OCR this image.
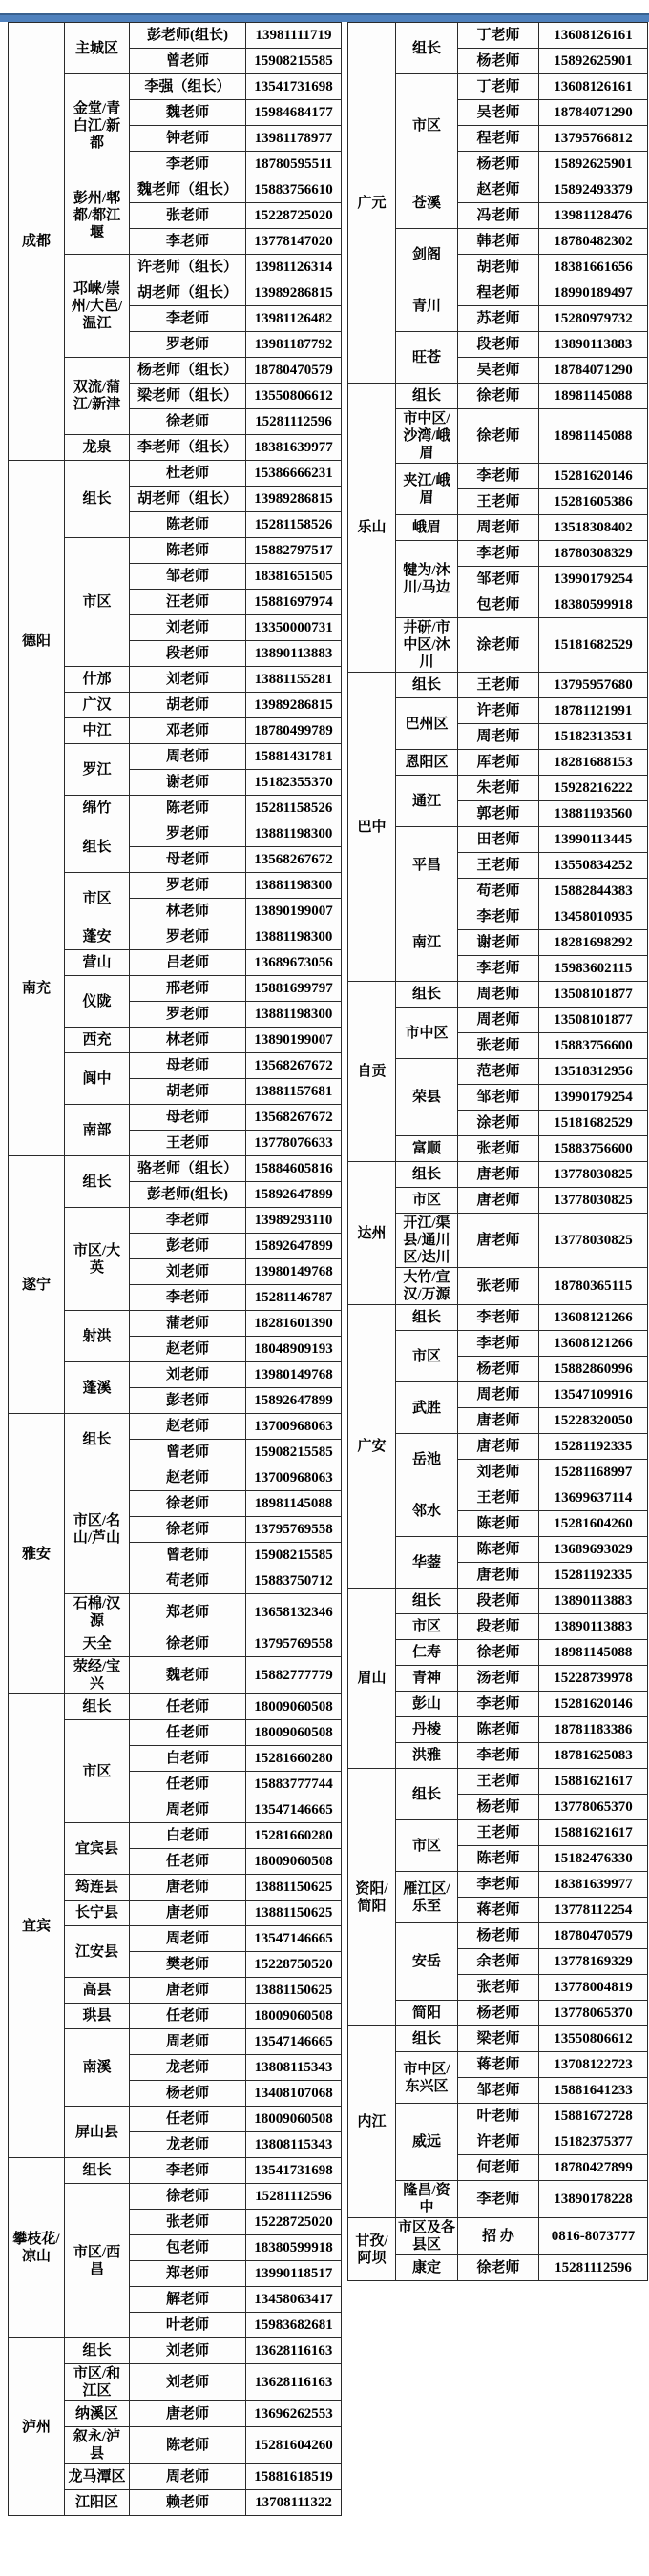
成都	主城区	彭老师(组长)	13981111719
		曾老师	15908215585
	金堂/青白江/新都	李强（组长）	13541731698
		魏老师	15984684177
		钟老师	13981178977
		李老师	18780595511
	彭州/郫都/都江堰	魏老师（组长）	15883756610
		张老师	15228725020
		李老师	13778147020
	邛崃/崇州/大邑/温江	许老师（组长）	13981126314
		胡老师（组长）	13989286815
		李老师	13981126482
		罗老师	13981187792
	双流/蒲江/新津	杨老师（组长）	18780470579
		梁老师（组长）	13550806612
		徐老师	15281112596
	龙泉	李老师（组长）	18381639977
德阳	组长	杜老师	15386666231
		胡老师（组长）	13989286815
		陈老师	15281158526
	市区	陈老师	15882797517
		邹老师	18381651505
		汪老师	15881697974
		刘老师	13350000731
		段老师	13890113883
	什邡	刘老师	13881155281
	广汉	胡老师	13989286815
	中江	邓老师	18780499789
	罗江	周老师	15881431781
		谢老师	15182355370
	绵竹	陈老师	15281158526
南充	组长	罗老师	13881198300
		母老师	13568267672
	市区	罗老师	13881198300
		林老师	13890199007
	蓬安	罗老师	13881198300
	营山	吕老师	13689673056
	仪陇	邢老师	15881699797
		罗老师	13881198300
	西充	林老师	13890199007
	阆中	母老师	13568267672
		胡老师	13881157681
	南部	母老师	13568267672
		王老师	13778076633
遂宁	组长	骆老师（组长）	15884605816
		彭老师(组长)	15892647899
	市区/大英	李老师	13989293110
		彭老师	15892647899
		刘老师	13980149768
		李老师	15281146787
	射洪	蒲老师	18281601390
		赵老师	18048909193
	蓬溪	刘老师	13980149768
		彭老师	15892647899
雅安	组长	赵老师	13700968063
		曾老师	15908215585
	市区/名山/芦山	赵老师	13700968063
		徐老师	18981145088
		徐老师	13795769558
		曾老师	15908215585
		苟老师	15883750712
	石棉/汉源	郑老师	13658132346
	天全	徐老师	13795769558
	荥经/宝兴	魏老师	15882777779
宜宾	组长	任老师	18009060508
	市区	任老师	18009060508
		白老师	15281660280
		任老师	15883777744
		周老师	13547146665
	宜宾县	白老师	15281660280
		任老师	18009060508
	筠连县	唐老师	13881150625
	长宁县	唐老师	13881150625
	江安县	周老师	13547146665
		樊老师	15228750520
	高县	唐老师	13881150625
	珙县	任老师	18009060508
	南溪	周老师	13547146665
		龙老师	13808115343
		杨老师	13408107068
	屏山县	任老师	18009060508
		龙老师	13808115343
攀枝花/凉山	组长	李老师	13541731698
	市区/西昌	徐老师	15281112596
		张老师	15228725020
		包老师	18380599918
		郑老师	13990118517
		解老师	13458063417
		叶老师	15983682681
泸州	组长	刘老师	13628116163
	市区/和江区	刘老师	13628116163
	纳溪区	唐老师	13696262553
	叙永/泸县	陈老师	15281604260
	龙马潭区	周老师	15881618519
	江阳区	赖老师	13708111322
广元	组长	丁老师	13608126161
		杨老师	15892625901
	市区	丁老师	13608126161
		吴老师	18784071290
		程老师	13795766812
		杨老师	15892625901
	苍溪	赵老师	15892493379
		冯老师	13981128476
	剑阁	韩老师	18780482302
		胡老师	18381661656
	青川	程老师	18990189497
		苏老师	15280979732
	旺苍	段老师	13890113883
		吴老师	18784071290
乐山	组长	徐老师	18981145088
	市中区/沙湾/峨眉	徐老师	18981145088
	夹江/峨眉	李老师	15281620146
		王老师	15281605386
	峨眉	周老师	13518308402
	犍为/沐川/马边	李老师	18780308329
		邹老师	13990179254
		包老师	18380599918
	井研/市中区/沐川	涂老师	15181682529
巴中	组长	王老师	13795957680
	巴州区	许老师	18781121991
		周老师	15182313531
	恩阳区	厍老师	18281688153
	通江	朱老师	15928216222
		郭老师	13881193560
	平昌	田老师	13990113445
		王老师	13550834252
		苟老师	15882844383
	南江	李老师	13458010935
		谢老师	18281698292
		李老师	15983602115
自贡	组长	周老师	13508101877
	市中区	周老师	13508101877
		张老师	15883756600
	荣县	范老师	13518312956
		邹老师	13990179254
		涂老师	15181682529
	富顺	张老师	15883756600
达州	组长	唐老师	13778030825
	市区	唐老师	13778030825
	开江/渠县/通川区/达川	唐老师	13778030825
	大竹/宣汉/万源	张老师	18780365115
广安	组长	李老师	13608121266
	市区	李老师	13608121266
		杨老师	15882860996
	武胜	周老师	13547109916
		唐老师	15228320050
	岳池	唐老师	15281192335
		刘老师	15281168997
	邻水	王老师	13699637114
		陈老师	15281604260
	华蓥	陈老师	13689693029
		唐老师	15281192335
眉山	组长	段老师	13890113883
	市区	段老师	13890113883
	仁寿	徐老师	18981145088
	青神	汤老师	15228739978
	彭山	李老师	15281620146
	丹棱	陈老师	18781183386
	洪雅	李老师	18781625083
资阳/简阳	组长	王老师	15881621617
		杨老师	13778065370
	市区	王老师	15881621617
		陈老师	15182476330
	雁江区/乐至	李老师	18381639977
		蒋老师	13778112254
	安岳	杨老师	18780470579
		余老师	13778169329
		张老师	13778004819
	简阳	杨老师	13778065370
内江	组长	梁老师	13550806612
	市中区/东兴区	蒋老师	13708122723
		邹老师	15881641233
	威远	叶老师	15881672728
		许老师	15182375377
		何老师	18780427899
	隆昌/资中	李老师	13890178228
甘孜/阿坝	市区及各县区	招 办	0816-8073777
	康定	徐老师	15281112596
